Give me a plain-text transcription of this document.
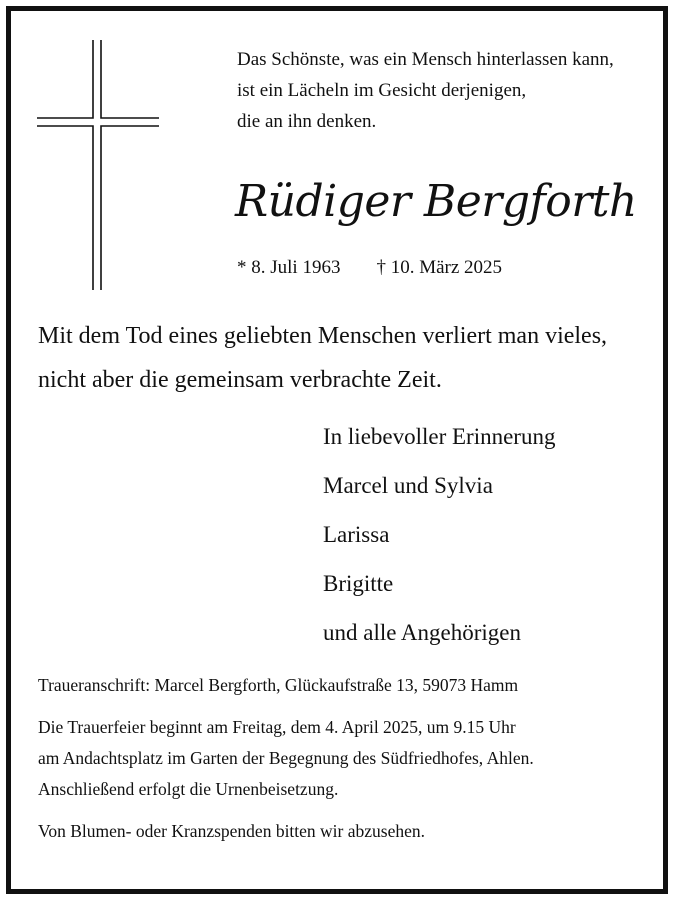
Das Schönste, was ein Mensch hinterlassen kann,
ist ein Lächeln im Gesicht derjenigen,
die an ihn denken.
Rüdiger Bergforth
* 8. Juli 1963 † 10. März 2025
Mit dem Tod eines geliebten Menschen verliert man vieles,
nicht aber die gemeinsam verbrachte Zeit.
In liebevoller Erinnerung
Marcel und Sylvia
Larissa
Brigitte
und alle Angehörigen
Traueranschrift: Marcel Bergforth, Glückaufstraße 13, 59073 Hamm
Die Trauerfeier beginnt am Freitag, dem 4. April 2025, um 9.15 Uhr
am Andachtsplatz im Garten der Begegnung des Südfriedhofes, Ahlen.
Anschließend erfolgt die Urnenbeisetzung.
Von Blumen- oder Kranzspenden bitten wir abzusehen.
